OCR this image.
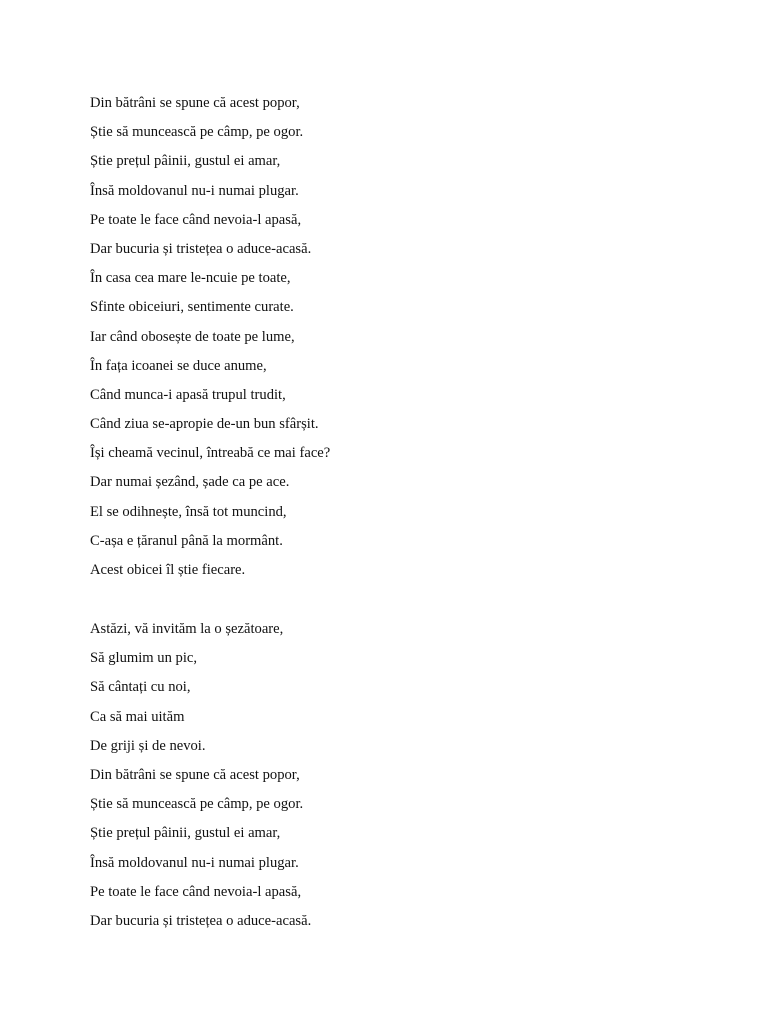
Din bătrâni se spune că acest popor,
Știe să muncească pe câmp, pe ogor.
Știe prețul pâinii, gustul ei amar,
Însă moldovanul nu-i numai plugar.
Pe toate le face când nevoia-l apasă,
Dar bucuria și tristețea o aduce-acasă.
În casa cea mare le-ncuie pe toate,
Sfinte obiceiuri, sentimente curate.
Iar când obosește de toate pe lume,
În fața icoanei se duce anume,
Când munca-i apasă trupul trudit,
Când ziua se-apropie de-un bun sfârșit.
Își cheamă vecinul, întreabă ce mai face?
Dar numai șezând, șade ca pe ace.
El se odihnește, însă tot muncind,
C-așa e țăranul până la mormânt.
Acest obicei îl știe fiecare.
Astăzi, vă invităm la o șezătoare,
Să glumim un pic,
Să cântați cu noi,
Ca să mai uităm
De griji și de nevoi.
Din bătrâni se spune că acest popor,
Știe să muncească pe câmp, pe ogor.
Știe prețul pâinii, gustul ei amar,
Însă moldovanul nu-i numai plugar.
Pe toate le face când nevoia-l apasă,
Dar bucuria și tristețea o aduce-acasă.
